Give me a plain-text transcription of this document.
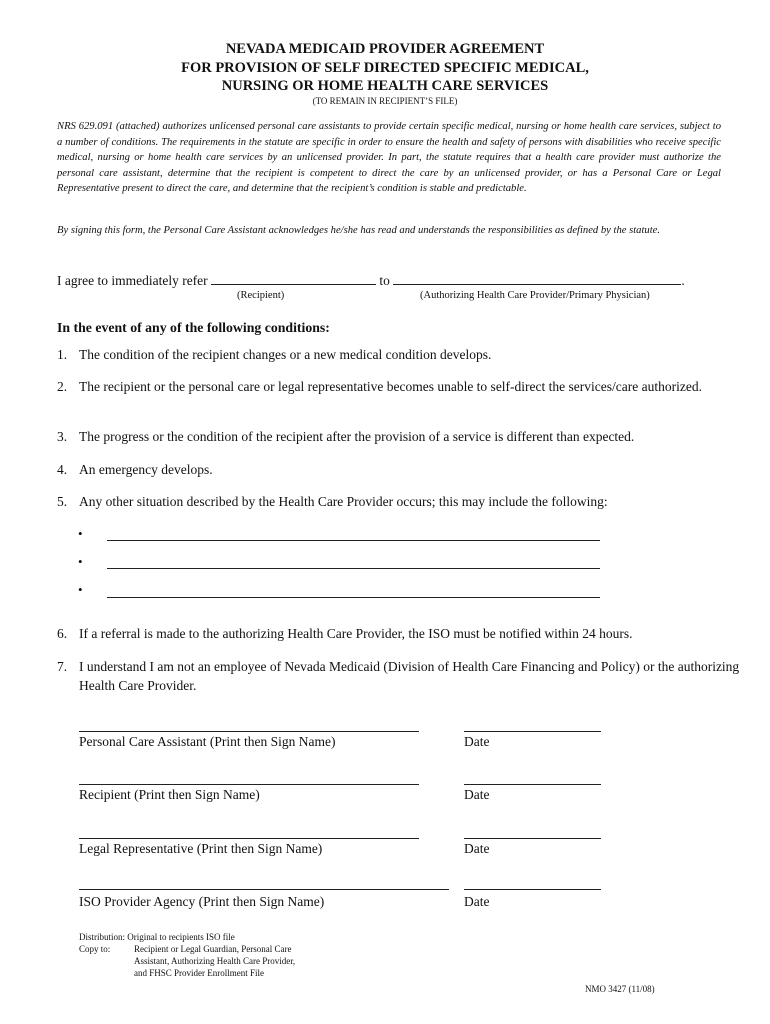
NEVADA MEDICAID PROVIDER AGREEMENT
FOR PROVISION OF SELF DIRECTED SPECIFIC MEDICAL,
NURSING OR HOME HEALTH CARE SERVICES
(TO REMAIN IN RECIPIENT’S FILE)
NRS 629.091 (attached) authorizes unlicensed personal care assistants to provide certain specific medical, nursing or home health care services, subject to a number of conditions. The requirements in the statute are specific in order to ensure the health and safety of persons with disabilities who receive specific medical, nursing or home health care services by an unlicensed provider. In part, the statute requires that a health care provider must authorize the personal care assistant, determine that the recipient is competent to direct the care by an unlicensed provider, or has a Personal Care or Legal Representative present to direct the care, and determine that the recipient’s condition is stable and predictable.
By signing this form, the Personal Care Assistant acknowledges he/she has read and understands the responsibilities as defined by the statute.
I agree to immediately refer	to	.
(Recipient)	(Authorizing Health Care Provider/Primary Physician)
In the event of any of the following conditions:
1. The condition of the recipient changes or a new medical condition develops.
2. The recipient or the personal care or legal representative becomes unable to self-direct the services/care authorized.
3. The progress or the condition of the recipient after the provision of a service is different than expected.
4. An emergency develops.
5. Any other situation described by the Health Care Provider occurs; this may include the following:
•
•
•
6. If a referral is made to the authorizing Health Care Provider, the ISO must be notified within 24 hours.
7. I understand I am not an employee of Nevada Medicaid (Division of Health Care Financing and Policy) or the authorizing Health Care Provider.
Personal Care Assistant (Print then Sign Name)	Date
Recipient (Print then Sign Name)	Date
Legal Representative (Print then Sign Name)	Date
ISO Provider Agency (Print then Sign Name)	Date
Distribution: Original to recipients ISO file
Copy to:	Recipient or Legal Guardian, Personal Care
Assistant, Authorizing Health Care Provider,
and FHSC Provider Enrollment File
NMO 3427 (11/08)
